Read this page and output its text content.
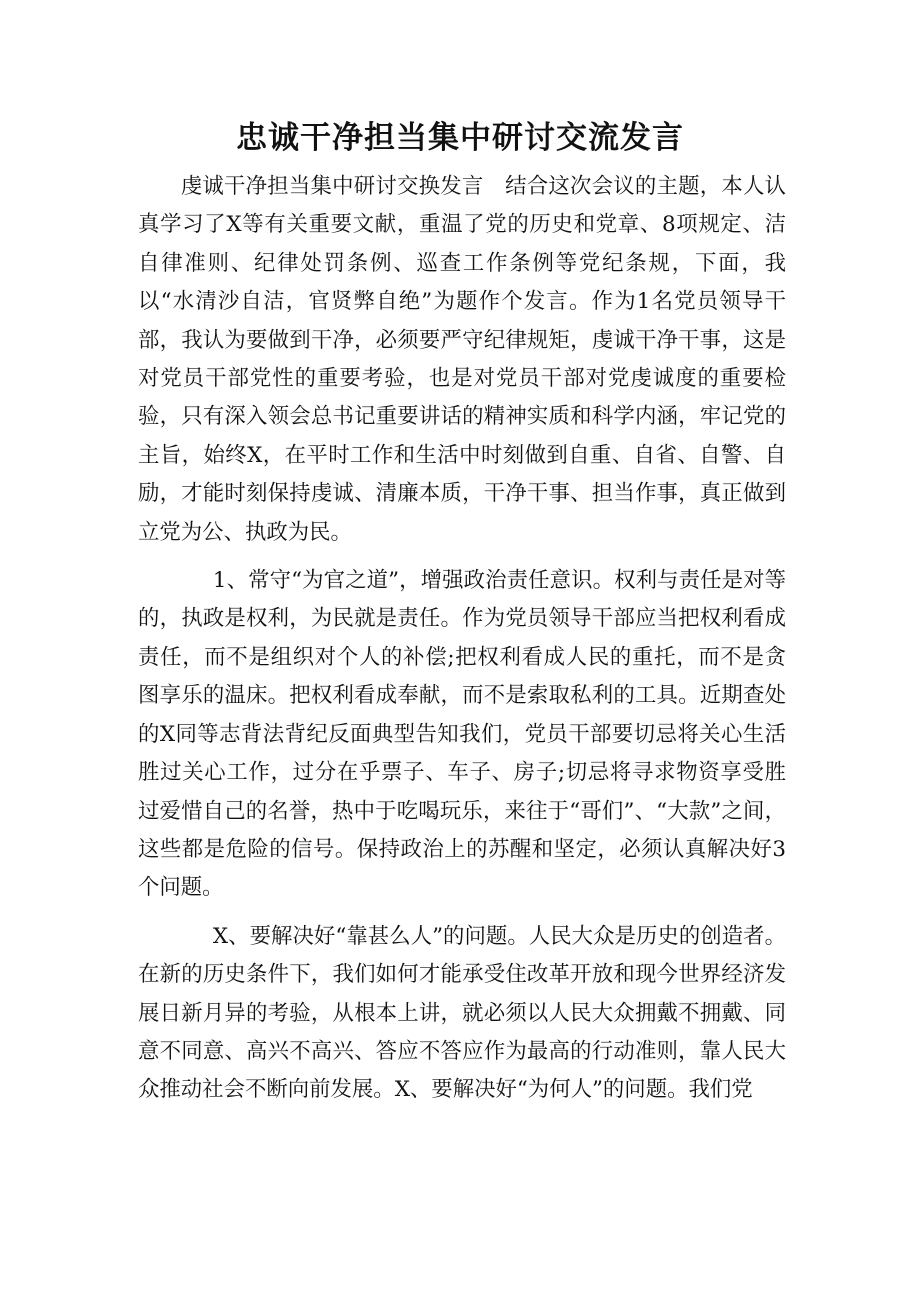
忠诚干净担当集中研讨交流发言

虔诚干净担当集中研讨交换发言　结合这次会议的主题，本人认真学习了X等有关重要文献，重温了党的历史和党章、8项规定、洁自律准则、纪律处罚条例、巡查工作条例等党纪条规，下面，我以“水清沙自洁，官贤弊自绝”为题作个发言。作为1名党员领导干部，我认为要做到干净，必须要严守纪律规矩，虔诚干净干事，这是对党员干部党性的重要考验，也是对党员干部对党虔诚度的重要检验，只有深入领会总书记重要讲话的精神实质和科学内涵，牢记党的主旨，始终X，在平时工作和生活中时刻做到自重、自省、自警、自励，才能时刻保持虔诚、清廉本质，干净干事、担当作事，真正做到立党为公、执政为民。

1、常守“为官之道”，增强政治责任意识。权利与责任是对等的，执政是权利，为民就是责任。作为党员领导干部应当把权利看成责任，而不是组织对个人的补偿;把权利看成人民的重托，而不是贪图享乐的温床。把权利看成奉献，而不是索取私利的工具。近期查处的X同等志背法背纪反面典型告知我们，党员干部要切忌将关心生活胜过关心工作，过分在乎票子、车子、房子;切忌将寻求物资享受胜过爱惜自己的名誉，热中于吃喝玩乐，来往于“哥们”、“大款”之间，这些都是危险的信号。保持政治上的苏醒和坚定，必须认真解决好3个问题。

X、要解决好“靠甚么人”的问题。人民大众是历史的创造者。在新的历史条件下，我们如何才能承受住改革开放和现今世界经济发展日新月异的考验，从根本上讲，就必须以人民大众拥戴不拥戴、同意不同意、高兴不高兴、答应不答应作为最高的行动准则，靠人民大众推动社会不断向前发展。X、要解决好“为何人”的问题。我们党
